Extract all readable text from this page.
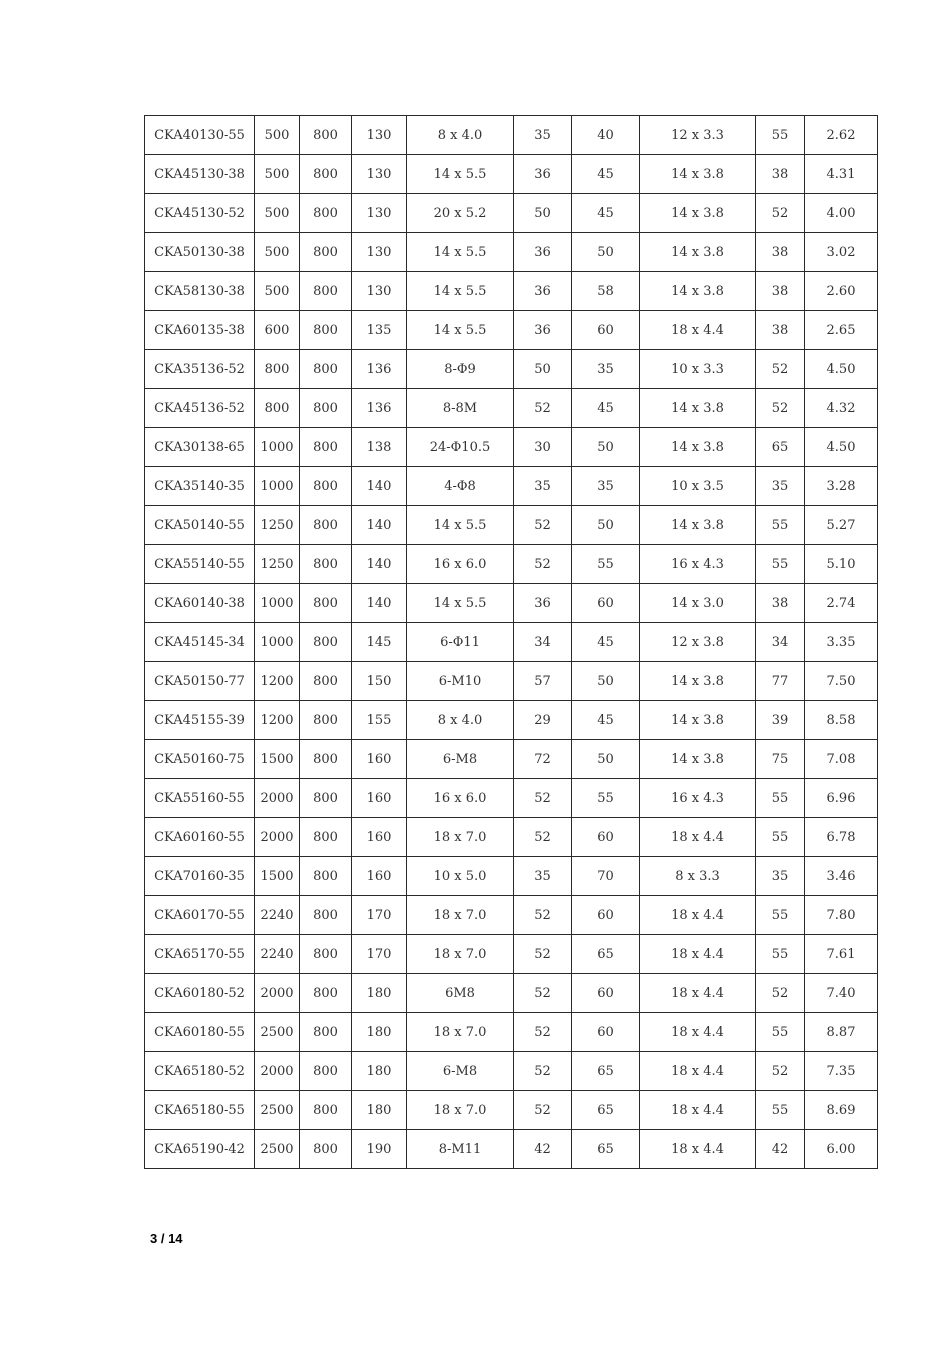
CKA40130-55	500	800	130	8 x 4.0	35	40	12 x 3.3	55	2.62
CKA45130-38	500	800	130	14 x 5.5	36	45	14 x 3.8	38	4.31
CKA45130-52	500	800	130	20 x 5.2	50	45	14 x 3.8	52	4.00
CKA50130-38	500	800	130	14 x 5.5	36	50	14 x 3.8	38	3.02
CKA58130-38	500	800	130	14 x 5.5	36	58	14 x 3.8	38	2.60
CKA60135-38	600	800	135	14 x 5.5	36	60	18 x 4.4	38	2.65
CKA35136-52	800	800	136	8-Φ9	50	35	10 x 3.3	52	4.50
CKA45136-52	800	800	136	8-8M	52	45	14 x 3.8	52	4.32
CKA30138-65	1000	800	138	24-Φ10.5	30	50	14 x 3.8	65	4.50
CKA35140-35	1000	800	140	4-Φ8	35	35	10 x 3.5	35	3.28
CKA50140-55	1250	800	140	14 x 5.5	52	50	14 x 3.8	55	5.27
CKA55140-55	1250	800	140	16 x 6.0	52	55	16 x 4.3	55	5.10
CKA60140-38	1000	800	140	14 x 5.5	36	60	14 x 3.0	38	2.74
CKA45145-34	1000	800	145	6-Φ11	34	45	12 x 3.8	34	3.35
CKA50150-77	1200	800	150	6-M10	57	50	14 x 3.8	77	7.50
CKA45155-39	1200	800	155	8 x 4.0	29	45	14 x 3.8	39	8.58
CKA50160-75	1500	800	160	6-M8	72	50	14 x 3.8	75	7.08
CKA55160-55	2000	800	160	16 x 6.0	52	55	16 x 4.3	55	6.96
CKA60160-55	2000	800	160	18 x 7.0	52	60	18 x 4.4	55	6.78
CKA70160-35	1500	800	160	10 x 5.0	35	70	8 x 3.3	35	3.46
CKA60170-55	2240	800	170	18 x 7.0	52	60	18 x 4.4	55	7.80
CKA65170-55	2240	800	170	18 x 7.0	52	65	18 x 4.4	55	7.61
CKA60180-52	2000	800	180	6M8	52	60	18 x 4.4	52	7.40
CKA60180-55	2500	800	180	18 x 7.0	52	60	18 x 4.4	55	8.87
CKA65180-52	2000	800	180	6-M8	52	65	18 x 4.4	52	7.35
CKA65180-55	2500	800	180	18 x 7.0	52	65	18 x 4.4	55	8.69
CKA65190-42	2500	800	190	8-M11	42	65	18 x 4.4	42	6.00
3 / 14
